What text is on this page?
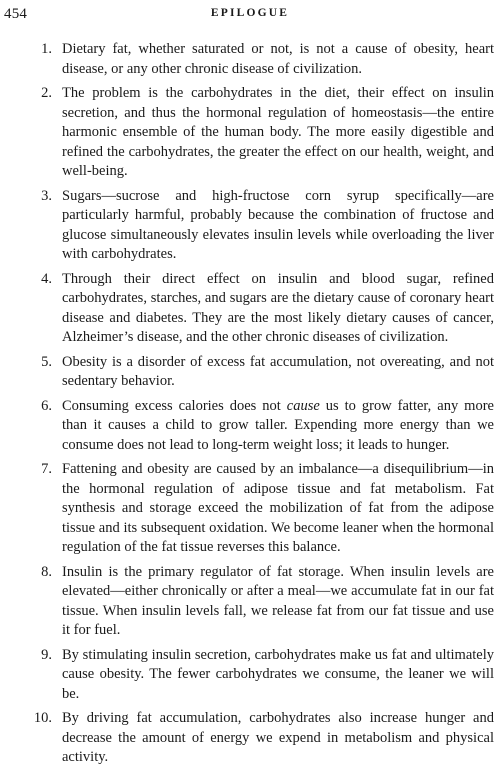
454	EPILOGUE
1. Dietary fat, whether saturated or not, is not a cause of obesity, heart disease, or any other chronic disease of civilization.
2. The problem is the carbohydrates in the diet, their effect on insulin secretion, and thus the hormonal regulation of homeostasis—the entire harmonic ensemble of the human body. The more easily digestible and refined the carbohydrates, the greater the effect on our health, weight, and well-being.
3. Sugars—sucrose and high-fructose corn syrup specifically—are particularly harmful, probably because the combination of fructose and glucose simultaneously elevates insulin levels while overloading the liver with carbohydrates.
4. Through their direct effect on insulin and blood sugar, refined carbohydrates, starches, and sugars are the dietary cause of coronary heart disease and diabetes. They are the most likely dietary causes of cancer, Alzheimer’s disease, and the other chronic diseases of civilization.
5. Obesity is a disorder of excess fat accumulation, not overeating, and not sedentary behavior.
6. Consuming excess calories does not cause us to grow fatter, any more than it causes a child to grow taller. Expending more energy than we consume does not lead to long-term weight loss; it leads to hunger.
7. Fattening and obesity are caused by an imbalance—a disequilibrium—in the hormonal regulation of adipose tissue and fat metabolism. Fat synthesis and storage exceed the mobilization of fat from the adipose tissue and its subsequent oxidation. We become leaner when the hormonal regulation of the fat tissue reverses this balance.
8. Insulin is the primary regulator of fat storage. When insulin levels are elevated—either chronically or after a meal—we accumulate fat in our fat tissue. When insulin levels fall, we release fat from our fat tissue and use it for fuel.
9. By stimulating insulin secretion, carbohydrates make us fat and ultimately cause obesity. The fewer carbohydrates we consume, the leaner we will be.
10. By driving fat accumulation, carbohydrates also increase hunger and decrease the amount of energy we expend in metabolism and physical activity.
